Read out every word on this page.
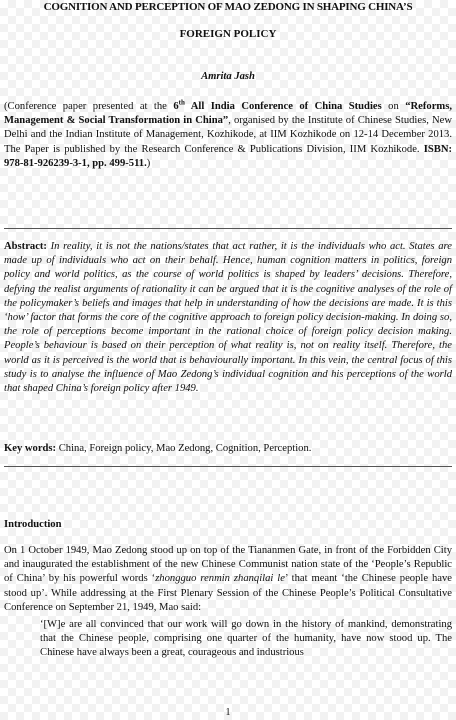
COGNITION AND PERCEPTION OF MAO ZEDONG IN SHAPING CHINA’S
FOREIGN POLICY
Amrita Jash
(Conference paper presented at the 6th All India Conference of China Studies on “Reforms, Management & Social Transformation in China”, organised by the Institute of Chinese Studies, New Delhi and the Indian Institute of Management, Kozhikode, at IIM Kozhikode on 12-14 December 2013. The Paper is published by the Research Conference & Publications Division, IIM Kozhikode. ISBN: 978-81-926239-3-1, pp. 499-511.)
Abstract: In reality, it is not the nations/states that act rather, it is the individuals who act. States are made up of individuals who act on their behalf. Hence, human cognition matters in politics, foreign policy and world politics, as the course of world politics is shaped by leaders’ decisions. Therefore, defying the realist arguments of rationality it can be argued that it is the cognitive analyses of the role of the policymaker’s beliefs and images that help in understanding of how the decisions are made. It is this ‘how’ factor that forms the core of the cognitive approach to foreign policy decision-making. In doing so, the role of perceptions become important in the rational choice of foreign policy decision making. People’s behaviour is based on their perception of what reality is, not on reality itself. Therefore, the world as it is perceived is the world that is behaviourally important. In this vein, the central focus of this study is to analyse the influence of Mao Zedong’s individual cognition and his perceptions of the world that shaped China’s foreign policy after 1949.
Key words: China, Foreign policy, Mao Zedong, Cognition, Perception.
Introduction
On 1 October 1949, Mao Zedong stood up on top of the Tiananmen Gate, in front of the Forbidden City and inaugurated the establishment of the new Chinese Communist nation state of the ‘People’s Republic of China’ by his powerful words ‘zhongguo renmin zhanqilai le’ that meant ‘the Chinese people have stood up’. While addressing at the First Plenary Session of the Chinese People’s Political Consultative Conference on September 21, 1949, Mao said:
‘[W]e are all convinced that our work will go down in the history of mankind, demonstrating that the Chinese people, comprising one quarter of the humanity, have now stood up. The Chinese have always been a great, courageous and industrious
1
